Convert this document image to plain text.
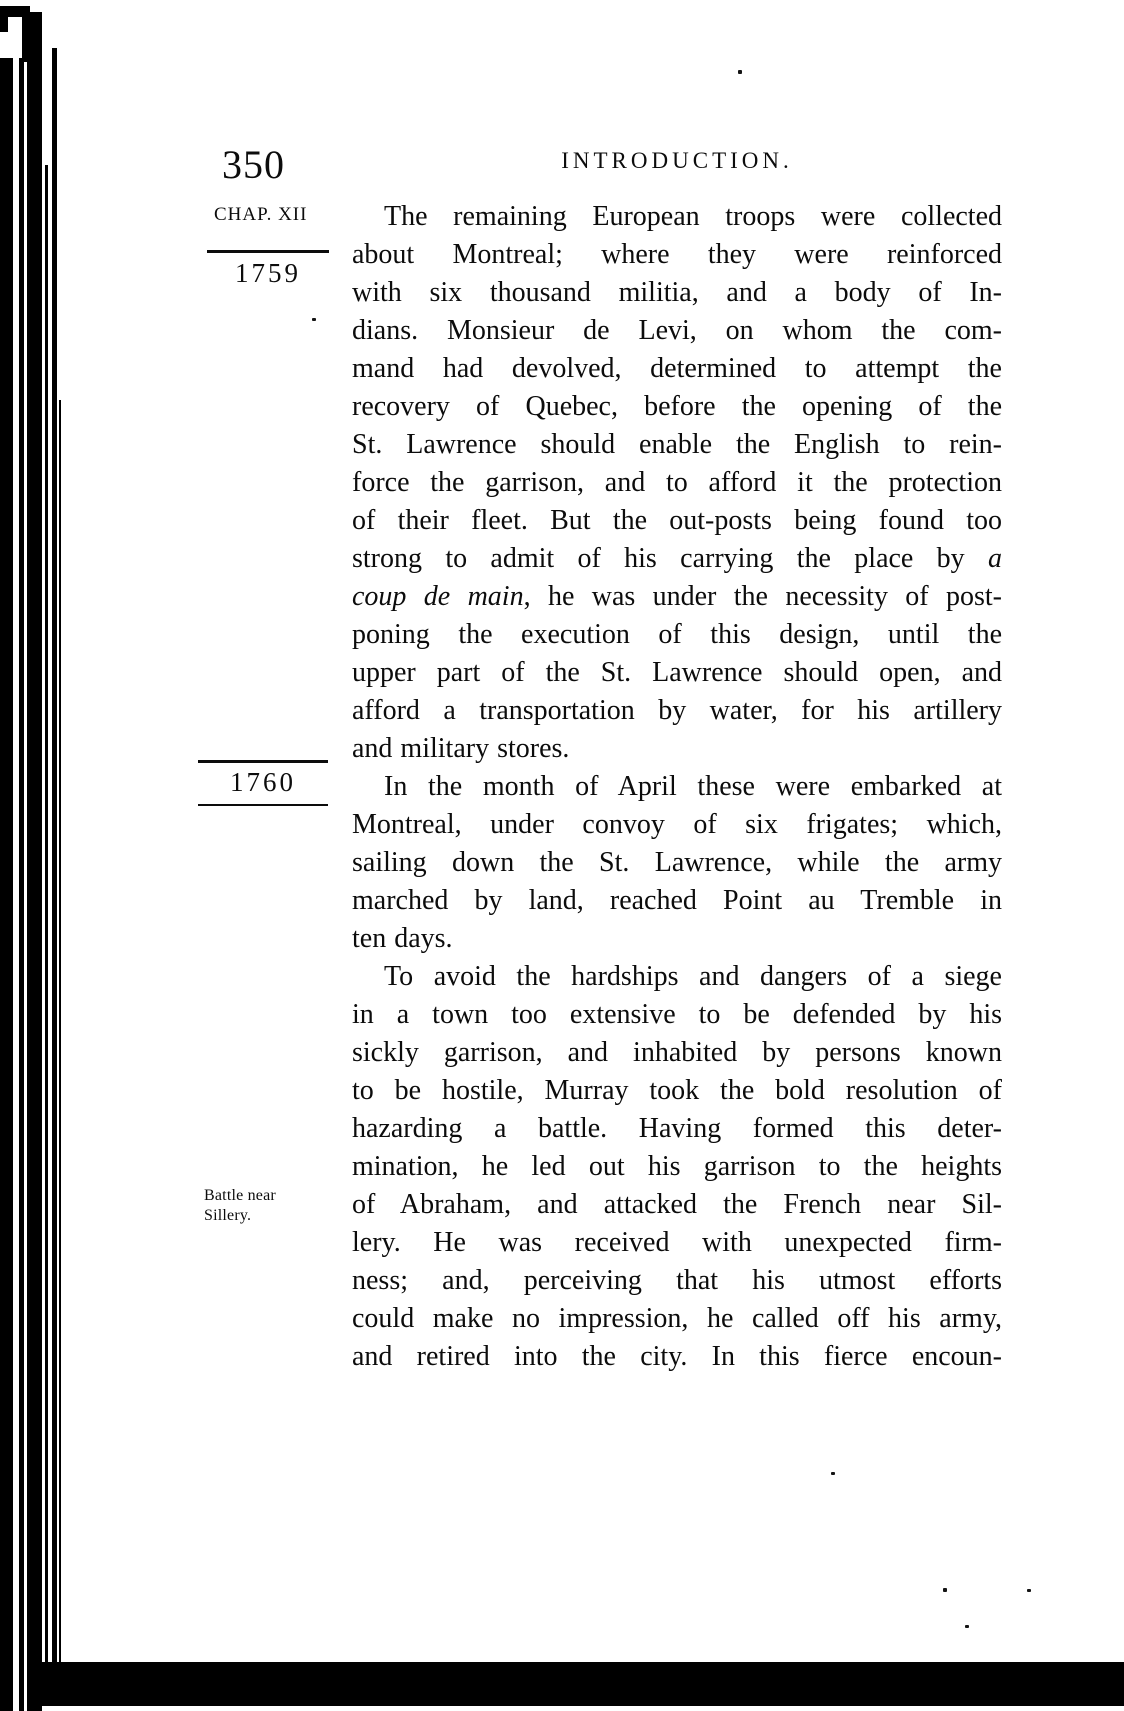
350	INTRODUCTION.
CHAP. XII
1759
1760
Battle near Sillery.
The remaining European troops were collected
about Montreal; where they were reinforced
with six thousand militia, and a body of In-
dians. Monsieur de Levi, on whom the com-
mand had devolved, determined to attempt the
recovery of Quebec, before the opening of the
St. Lawrence should enable the English to rein-
force the garrison, and to afford it the protection
of their fleet. But the out-posts being found too
strong to admit of his carrying the place by a
coup de main, he was under the necessity of post-
poning the execution of this design, until the
upper part of the St. Lawrence should open, and
afford a transportation by water, for his artillery
and military stores.
In the month of April these were embarked at
Montreal, under convoy of six frigates; which,
sailing down the St. Lawrence, while the army
marched by land, reached Point au Tremble in
ten days.
To avoid the hardships and dangers of a siege
in a town too extensive to be defended by his
sickly garrison, and inhabited by persons known
to be hostile, Murray took the bold resolution of
hazarding a battle. Having formed this deter-
mination, he led out his garrison to the heights
of Abraham, and attacked the French near Sil-
lery. He was received with unexpected firm-
ness; and, perceiving that his utmost efforts
could make no impression, he called off his army,
and retired into the city. In this fierce encoun-
